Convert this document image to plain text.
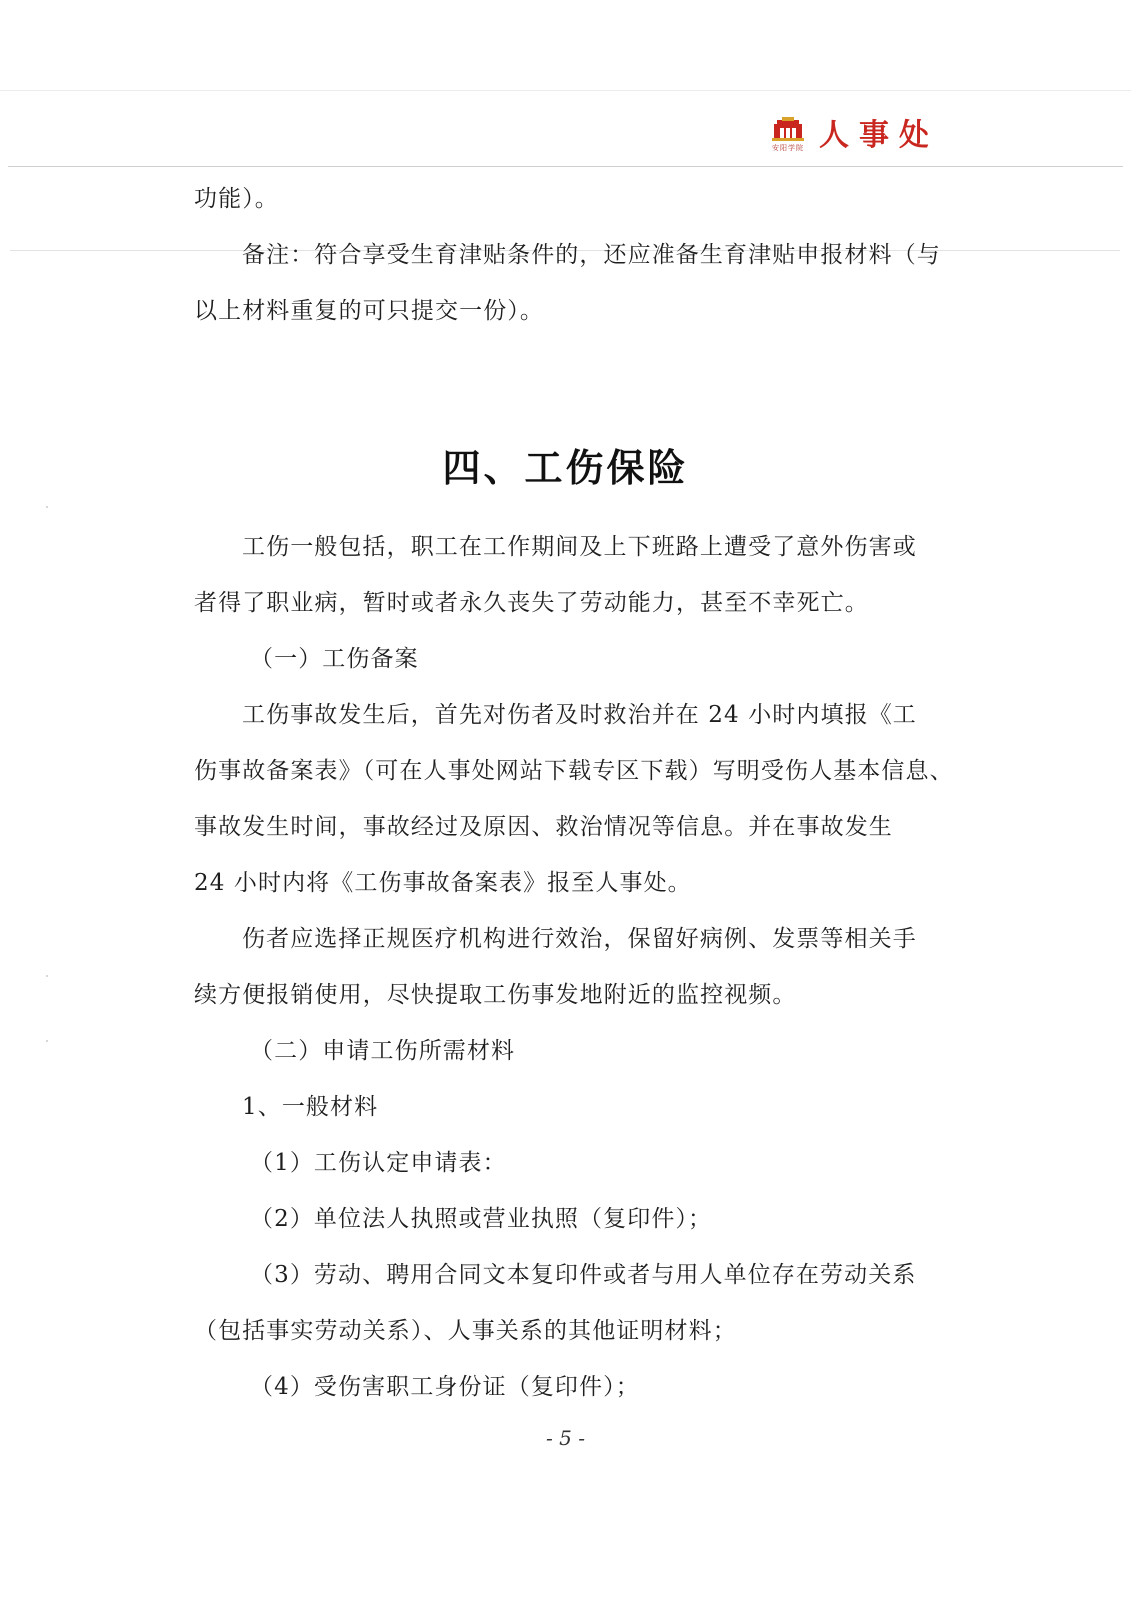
安阳学院 人事处
功能）。
备注：符合享受生育津贴条件的，还应准备生育津贴申报材料（与
以上材料重复的可只提交一份）。
四、工伤保险
工伤一般包括，职工在工作期间及上下班路上遭受了意外伤害或
者得了职业病，暂时或者永久丧失了劳动能力，甚至不幸死亡。
（一）工伤备案
工伤事故发生后，首先对伤者及时救治并在 24 小时内填报《工
伤事故备案表》（可在人事处网站下载专区下载）写明受伤人基本信息、
事故发生时间，事故经过及原因、救治情况等信息。并在事故发生
24 小时内将《工伤事故备案表》报至人事处。
伤者应选择正规医疗机构进行效治，保留好病例、发票等相关手
续方便报销使用，尽快提取工伤事发地附近的监控视频。
（二）申请工伤所需材料
1、一般材料
（1）工伤认定申请表：
（2）单位法人执照或营业执照（复印件）；
（3）劳动、聘用合同文本复印件或者与用人单位存在劳动关系
（包括事实劳动关系）、人事关系的其他证明材料；
（4）受伤害职工身份证（复印件）；
- 5 -
